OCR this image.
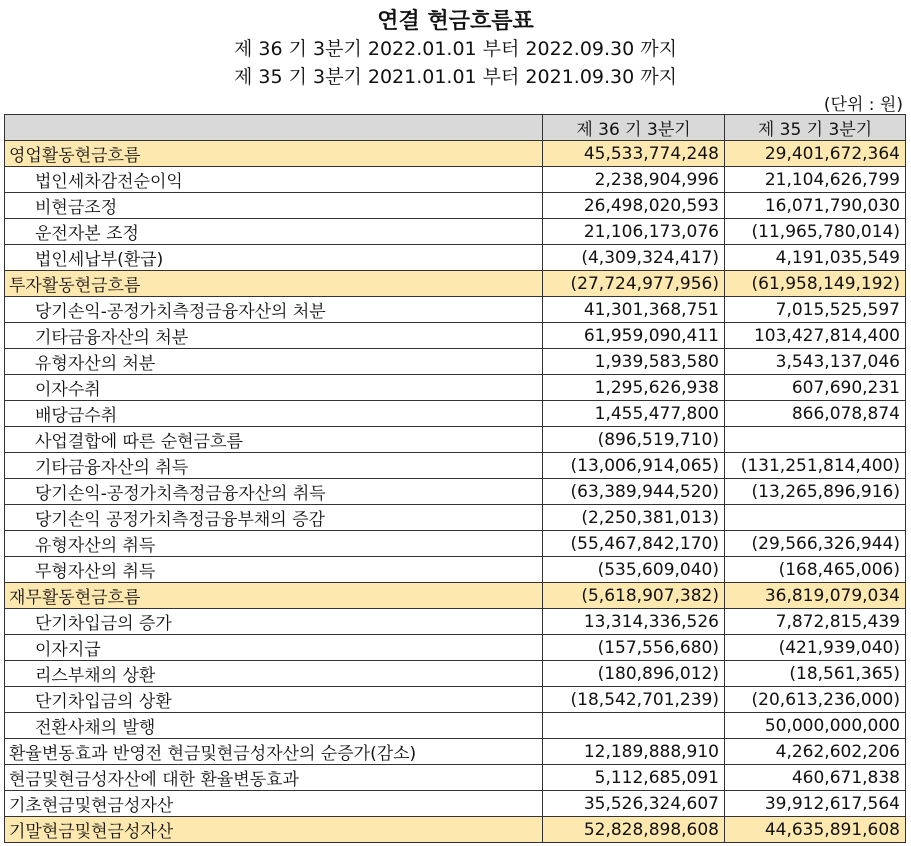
연결 현금흐름표
제 36 기 3분기 2022.01.01 부터 2022.09.30 까지
제 35 기 3분기 2021.01.01 부터 2021.09.30 까지
(단위 : 원)
	제 36 기 3분기	제 35 기 3분기
영업활동현금흐름	45,533,774,248	29,401,672,364
법인세차감전순이익	2,238,904,996	21,104,626,799
비현금조정	26,498,020,593	16,071,790,030
운전자본 조정	21,106,173,076	(11,965,780,014)
법인세납부(환급)	(4,309,324,417)	4,191,035,549
투자활동현금흐름	(27,724,977,956)	(61,958,149,192)
당기손익-공정가치측정금융자산의 처분	41,301,368,751	7,015,525,597
기타금융자산의 처분	61,959,090,411	103,427,814,400
유형자산의 처분	1,939,583,580	3,543,137,046
이자수취	1,295,626,938	607,690,231
배당금수취	1,455,477,800	866,078,874
사업결합에 따른 순현금흐름	(896,519,710)	
기타금융자산의 취득	(13,006,914,065)	(131,251,814,400)
당기손익-공정가치측정금융자산의 취득	(63,389,944,520)	(13,265,896,916)
당기손익 공정가치측정금융부채의 증감	(2,250,381,013)	
유형자산의 취득	(55,467,842,170)	(29,566,326,944)
무형자산의 취득	(535,609,040)	(168,465,006)
재무활동현금흐름	(5,618,907,382)	36,819,079,034
단기차입금의 증가	13,314,336,526	7,872,815,439
이자지급	(157,556,680)	(421,939,040)
리스부채의 상환	(180,896,012)	(18,561,365)
단기차입금의 상환	(18,542,701,239)	(20,613,236,000)
전환사채의 발행		50,000,000,000
환율변동효과 반영전 현금및현금성자산의 순증가(감소)	12,189,888,910	4,262,602,206
현금및현금성자산에 대한 환율변동효과	5,112,685,091	460,671,838
기초현금및현금성자산	35,526,324,607	39,912,617,564
기말현금및현금성자산	52,828,898,608	44,635,891,608
